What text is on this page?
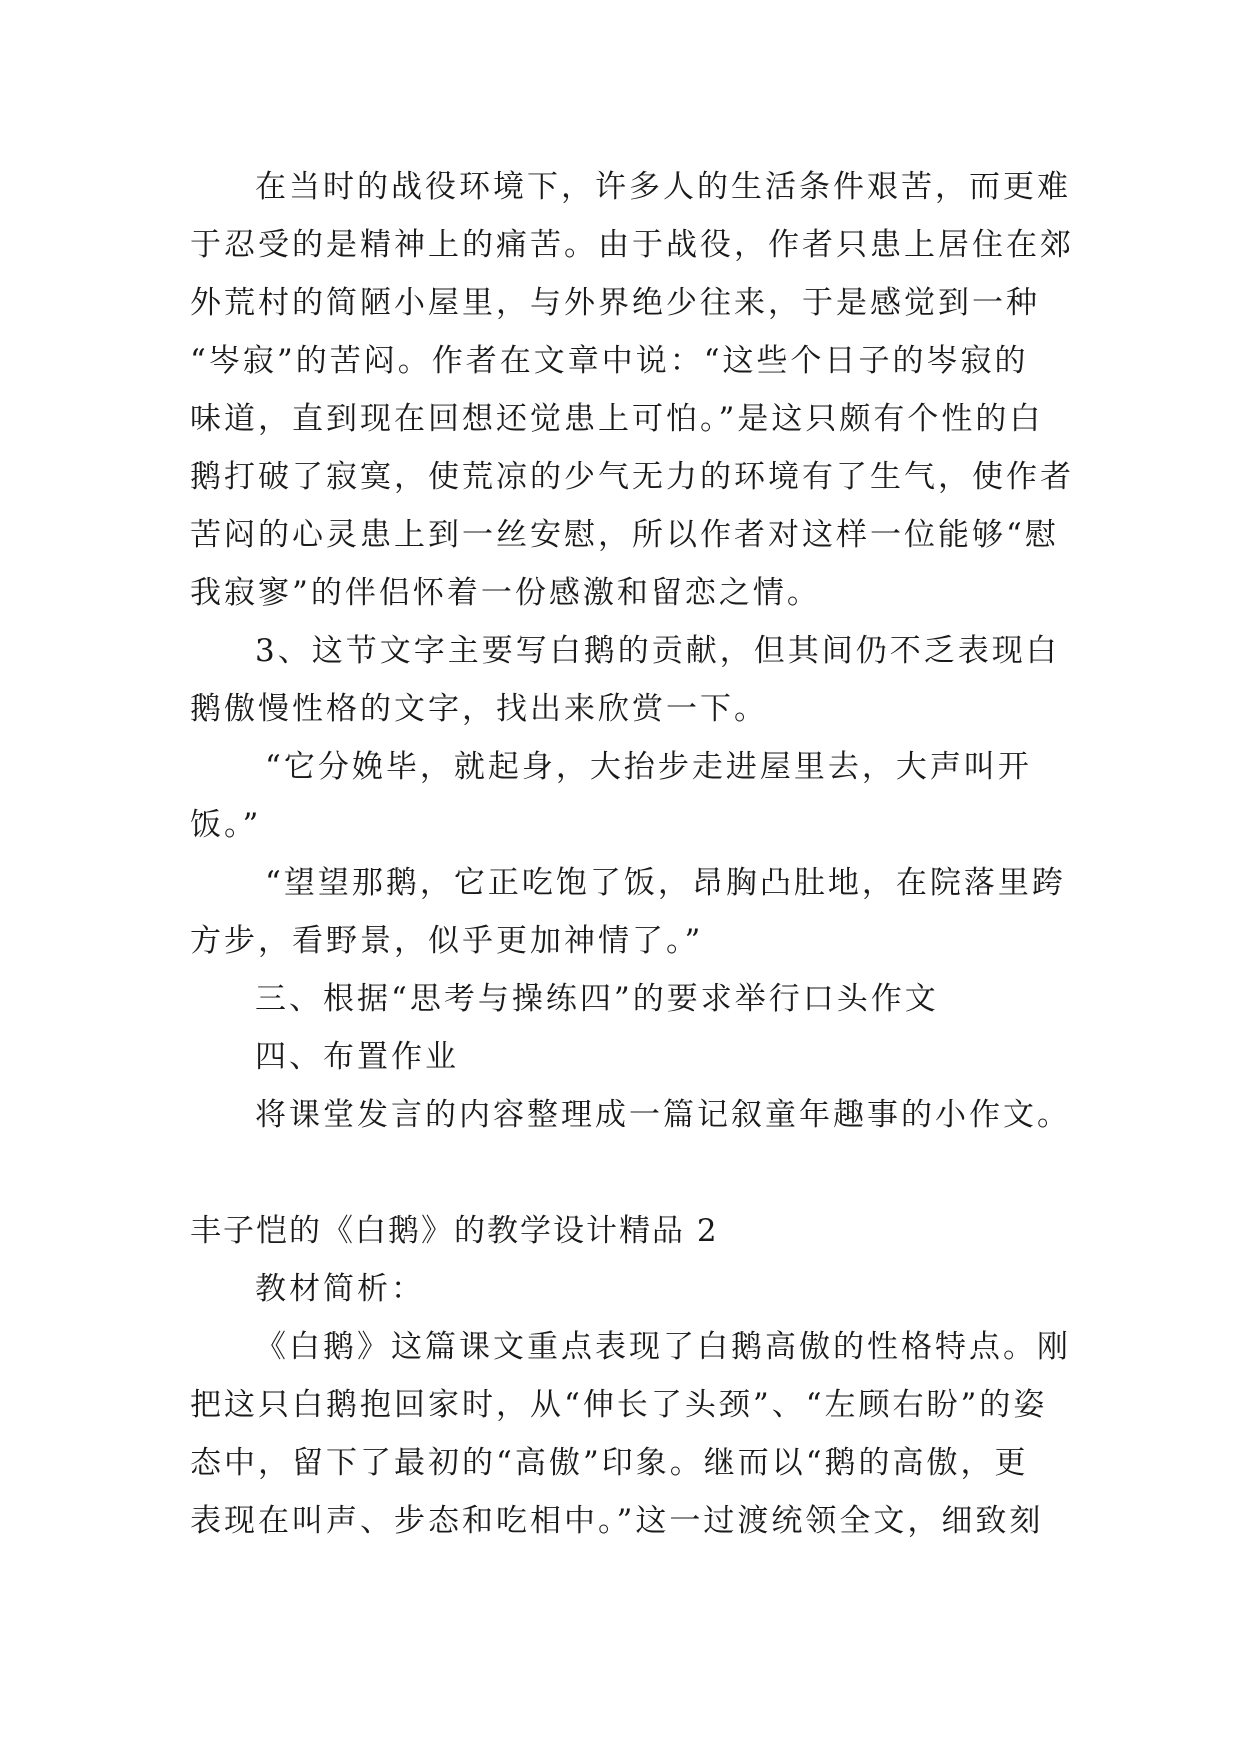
在当时的战役环境下，许多人的生活条件艰苦，而更难
于忍受的是精神上的痛苦。由于战役，作者只患上居住在郊
外荒村的简陋小屋里，与外界绝少往来，于是感觉到一种
“岑寂”的苦闷。作者在文章中说：“这些个日子的岑寂的
味道，直到现在回想还觉患上可怕。”是这只颇有个性的白
鹅打破了寂寞，使荒凉的少气无力的环境有了生气，使作者
苦闷的心灵患上到一丝安慰，所以作者对这样一位能够“慰
我寂寥”的伴侣怀着一份感激和留恋之情。
3、这节文字主要写白鹅的贡献，但其间仍不乏表现白
鹅傲慢性格的文字，找出来欣赏一下。
“它分娩毕，就起身，大抬步走进屋里去，大声叫开
饭。”
“望望那鹅，它正吃饱了饭，昂胸凸肚地，在院落里跨
方步，看野景，似乎更加神情了。”
三、根据“思考与操练四”的要求举行口头作文
四、布置作业
将课堂发言的内容整理成一篇记叙童年趣事的小作文。
丰子恺的《白鹅》的教学设计精品 2
教材简析：
《白鹅》这篇课文重点表现了白鹅高傲的性格特点。刚
把这只白鹅抱回家时，从“伸长了头颈”、“左顾右盼”的姿
态中，留下了最初的“高傲”印象。继而以“鹅的高傲，更
表现在叫声、步态和吃相中。”这一过渡统领全文，细致刻
